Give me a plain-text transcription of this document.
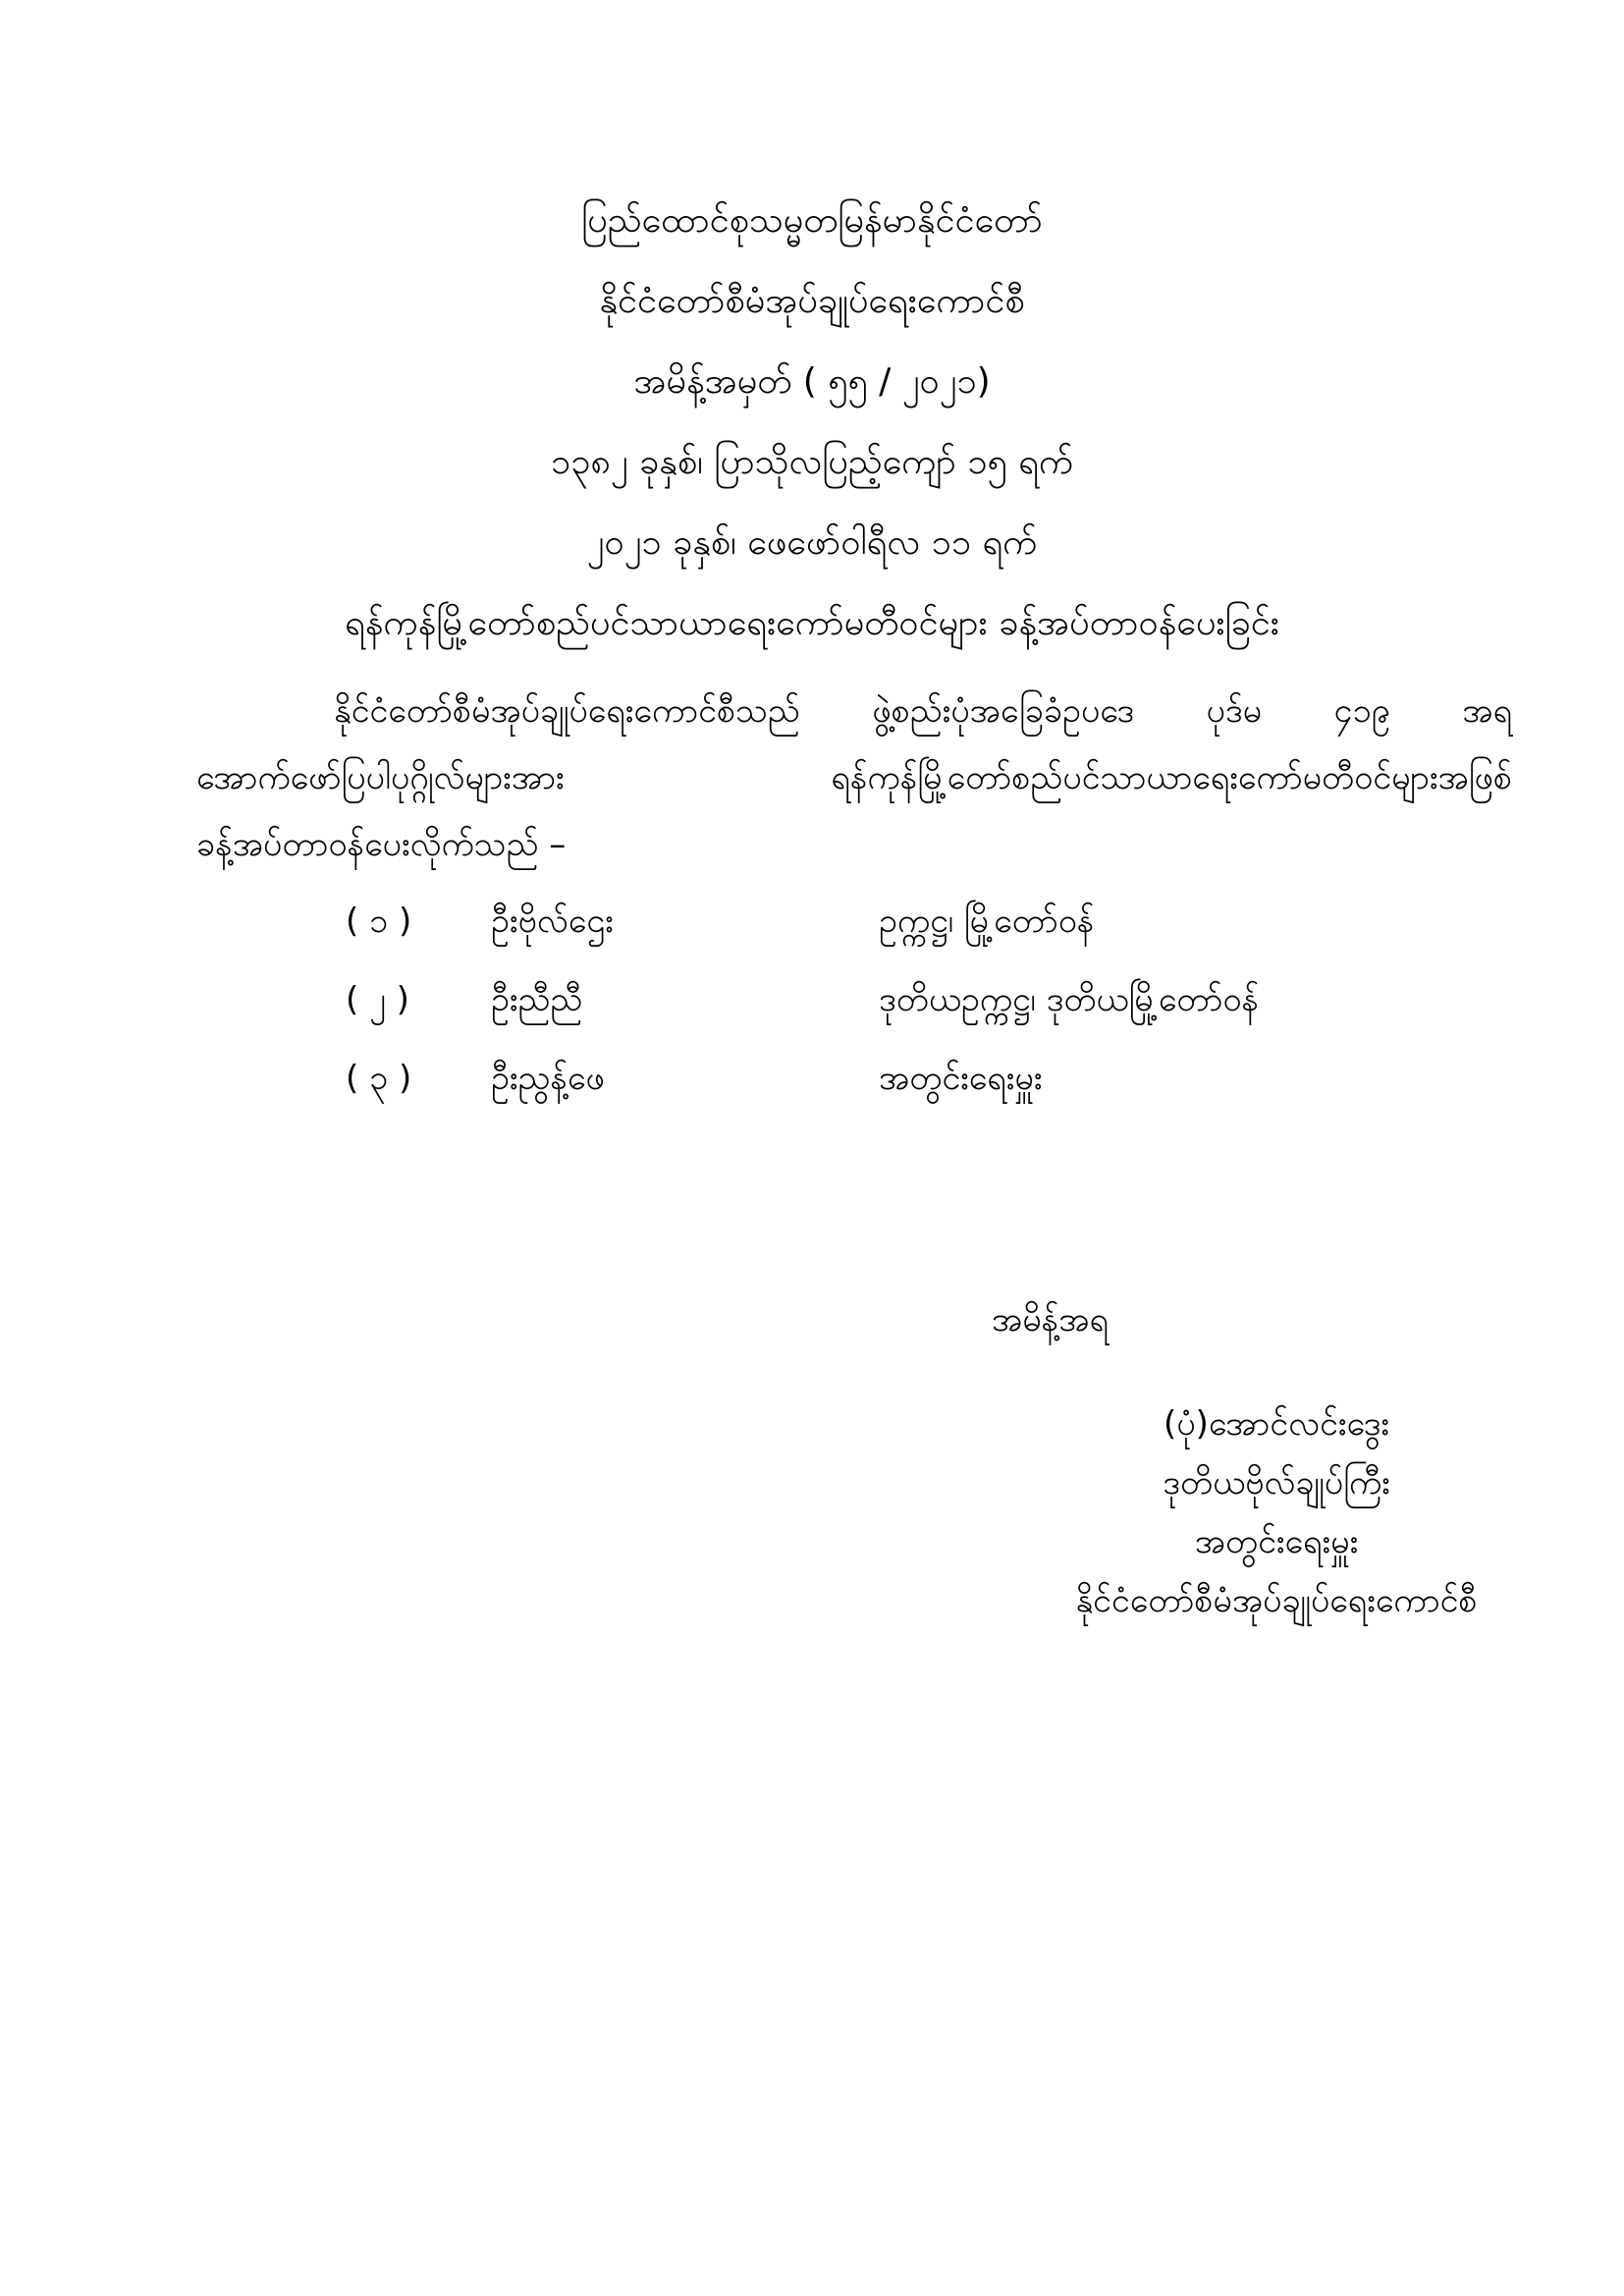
ပြည်ထောင်စုသမ္မတမြန်မာနိုင်ငံတော်
နိုင်ငံတော်စီမံအုပ်ချုပ်ရေးကောင်စီ
အမိန့်အမှတ် ( ၅၅ / ၂၀၂၁)
၁၃၈၂ ခုနှစ်၊ ပြာသိုလပြည့်ကျော် ၁၅ ရက်
၂၀၂၁ ခုနှစ်၊ ဖေဖော်ဝါရီလ ၁၁ ရက်
ရန်ကုန်မြို့တော်စည်ပင်သာယာရေးကော်မတီဝင်များ ခန့်အပ်တာဝန်ပေးခြင်း
နိုင်ငံတော်စီမံအုပ်ချုပ်ရေးကောင်စီသည် ဖွဲ့စည်းပုံအခြေခံဥပဒေ ပုဒ်မ ၄၁၉ အရ
အောက်ဖော်ပြပါပုဂ္ဂိုလ်များအား ရန်ကုန်မြို့တော်စည်ပင်သာယာရေးကော်မတီဝင်များအဖြစ်
ခန့်အပ်တာဝန်ပေးလိုက်သည် –
( ၁ ) ဦးဗိုလ်ဌေး	ဥက္ကဋ္ဌ၊ မြို့တော်ဝန်
( ၂ ) ဦးညီညီ	ဒုတိယဥက္ကဋ္ဌ၊ ဒုတိယမြို့တော်ဝန်
( ၃ ) ဦးညွန့်ဖေ	အတွင်းရေးမှူး
အမိန့်အရ
(ပုံ)အောင်လင်းဒွေး
ဒုတိယဗိုလ်ချုပ်ကြီး
အတွင်းရေးမှူး
နိုင်ငံတော်စီမံအုပ်ချုပ်ရေးကောင်စီ
